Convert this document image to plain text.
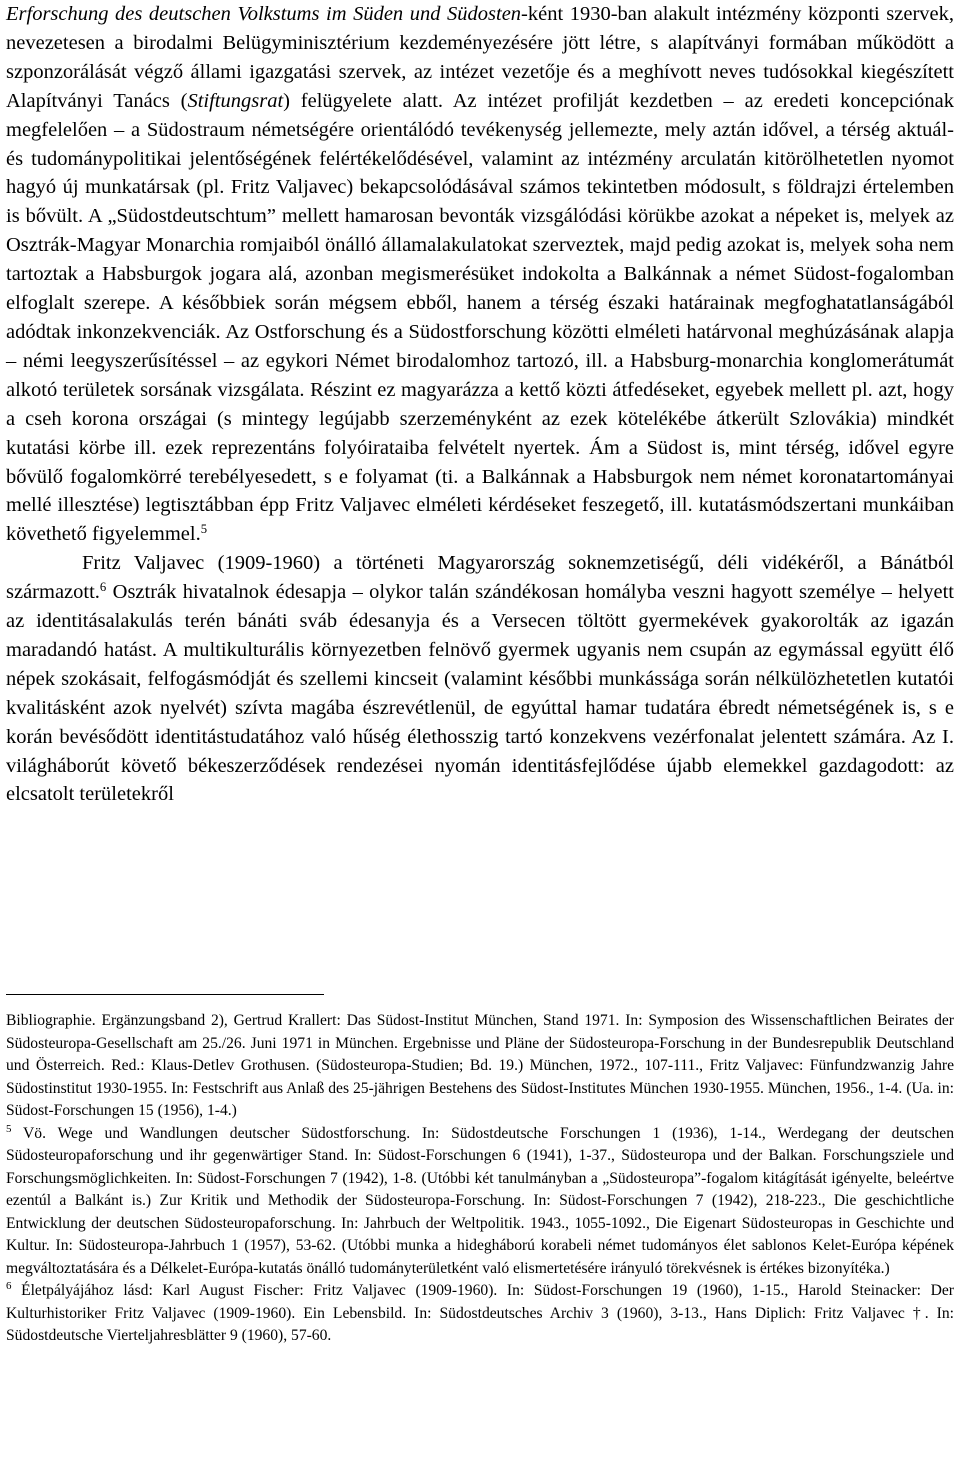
Erforschung des deutschen Volkstums im Süden und Südosten-ként 1930-ban alakult intézmény központi szervek, nevezetesen a birodalmi Belügyminisztérium kezdeményezésére jött létre, s alapítványi formában működött a szponzorálását végző állami igazgatási szervek, az intézet vezetője és a meghívott neves tudósokkal kiegészített Alapítványi Tanács (Stiftungsrat) felügyelete alatt. Az intézet profilját kezdetben – az eredeti koncepciónak megfelelően – a Südostraum németségére orientálódó tevékenység jellemezte, mely aztán idővel, a térség aktuál- és tudománypolitikai jelentőségének felértékelődésével, valamint az intézmény arculatán kitörölhetetlen nyomot hagyó új munkatársak (pl. Fritz Valjavec) bekapcsolódásával számos tekintetben módosult, s földrajzi értelemben is bővült. A „Südostdeutschtum” mellett hamarosan bevonták vizsgálódási körükbe azokat a népeket is, melyek az Osztrák-Magyar Monarchia romjaiból önálló államalakulatokat szerveztek, majd pedig azokat is, melyek soha nem tartoztak a Habsburgok jogara alá, azonban megismerésüket indokolta a Balkánnak a német Südost-fogalomban elfoglalt szerepe. A későbbiek során mégsem ebből, hanem a térség északi határainak megfoghatatlanságából adódtak inkonzekvenciák. Az Ostforschung és a Südostforschung közötti elméleti határvonal meghúzásának alapja – némi leegyszerűsítéssel – az egykori Német birodalomhoz tartozó, ill. a Habsburg-monarchia konglomerátumát alkotó területek sorsának vizsgálata. Részint ez magyarázza a kettő közti átfedéseket, egyebek mellett pl. azt, hogy a cseh korona országai (s mintegy legújabb szerzeményként az ezek kötelékébe átkerült Szlovákia) mindkét kutatási körbe ill. ezek reprezentáns folyóirataiba felvételt nyertek. Ám a Südost is, mint térség, idővel egyre bővülő fogalomkörré terebélyesedett, s e folyamat (ti. a Balkánnak a Habsburgok nem német koronatartományai mellé illesztése) legtisztábban épp Fritz Valjavec elméleti kérdéseket feszegető, ill. kutatásmódszertani munkáiban követhető figyelemmel.$^5$

Fritz Valjavec (1909-1960) a történeti Magyarország soknemzetiségű, déli vidékéről, a Bánátból származott.$^6$ Osztrák hivatalnok édesapja – olykor talán szándékosan homályba veszni hagyott személye – helyett az identitásalakulás terén bánáti sváb édesanyja és a Versecen töltött gyermekévek gyakorolták az igazán maradandó hatást. A multikulturális környezetben felnövő gyermek ugyanis nem csupán az egymással együtt élő népek szokásait, felfogásmódját és szellemi kincseit (valamint későbbi munkássága során nélkülözhetetlen kutatói kvalitásként azok nyelvét) szívta magába észrevétlenül, de egyúttal hamar tudatára ébredt németségének is, s e korán bevésődött identitástudatához való hűség élethosszig tartó konzekvens vezérfonalat jelentett számára. Az I. világháborút követő békeszerződések rendezései nyomán identitásfejlődése újabb elemekkel gazdagodott: az elcsatolt területekről

Bibliographie. Ergänzungsband 2), Gertrud Krallert: Das Südost-Institut München, Stand 1971. In: Symposion des Wissenschaftlichen Beirates der Südosteuropa-Gesellschaft am 25./26. Juni 1971 in München. Ergebnisse und Pläne der Südosteuropa-Forschung in der Bundesrepublik Deutschland und Österreich. Red.: Klaus-Detlev Grothusen. (Südosteuropa-Studien; Bd. 19.) München, 1972., 107-111., Fritz Valjavec: Fünfundzwanzig Jahre Südostinstitut 1930-1955. In: Festschrift aus Anlaß des 25-jährigen Bestehens des Südost-Institutes München 1930-1955. München, 1956., 1-4. (Ua. in: Südost-Forschungen 15 (1956), 1-4.)

$^5$ Vö. Wege und Wandlungen deutscher Südostforschung. In: Südostdeutsche Forschungen 1 (1936), 1-14., Werdegang der deutschen Südosteuropaforschung und ihr gegenwärtiger Stand. In: Südost-Forschungen 6 (1941), 1-37., Südosteuropa und der Balkan. Forschungsziele und Forschungsmöglichkeiten. In: Südost-Forschungen 7 (1942), 1-8. (Utóbbi két tanulmányban a „Südosteuropa”-fogalom kitágítását igényelte, beleértve ezentúl a Balkánt is.) Zur Kritik und Methodik der Südosteuropa-Forschung. In: Südost-Forschungen 7 (1942), 218-223., Die geschichtliche Entwicklung der deutschen Südosteuropaforschung. In: Jahrbuch der Weltpolitik. 1943., 1055-1092., Die Eigenart Südosteuropas in Geschichte und Kultur. In: Südosteuropa-Jahrbuch 1 (1957), 53-62. (Utóbbi munka a hidegháború korabeli német tudományos élet sablonos Kelet-Európa képének megváltoztatására és a Délkelet-Európa-kutatás önálló tudományterületként való elismertetésére irányuló törekvésnek is értékes bizonyítéka.)

$^6$ Életpályájához lásd: Karl August Fischer: Fritz Valjavec (1909-1960). In: Südost-Forschungen 19 (1960), 1-15., Harold Steinacker: Der Kulturhistoriker Fritz Valjavec (1909-1960). Ein Lebensbild. In: Südostdeutsches Archiv 3 (1960), 3-13., Hans Diplich: Fritz Valjavec †. In: Südostdeutsche Vierteljahresblätter 9 (1960), 57-60.
